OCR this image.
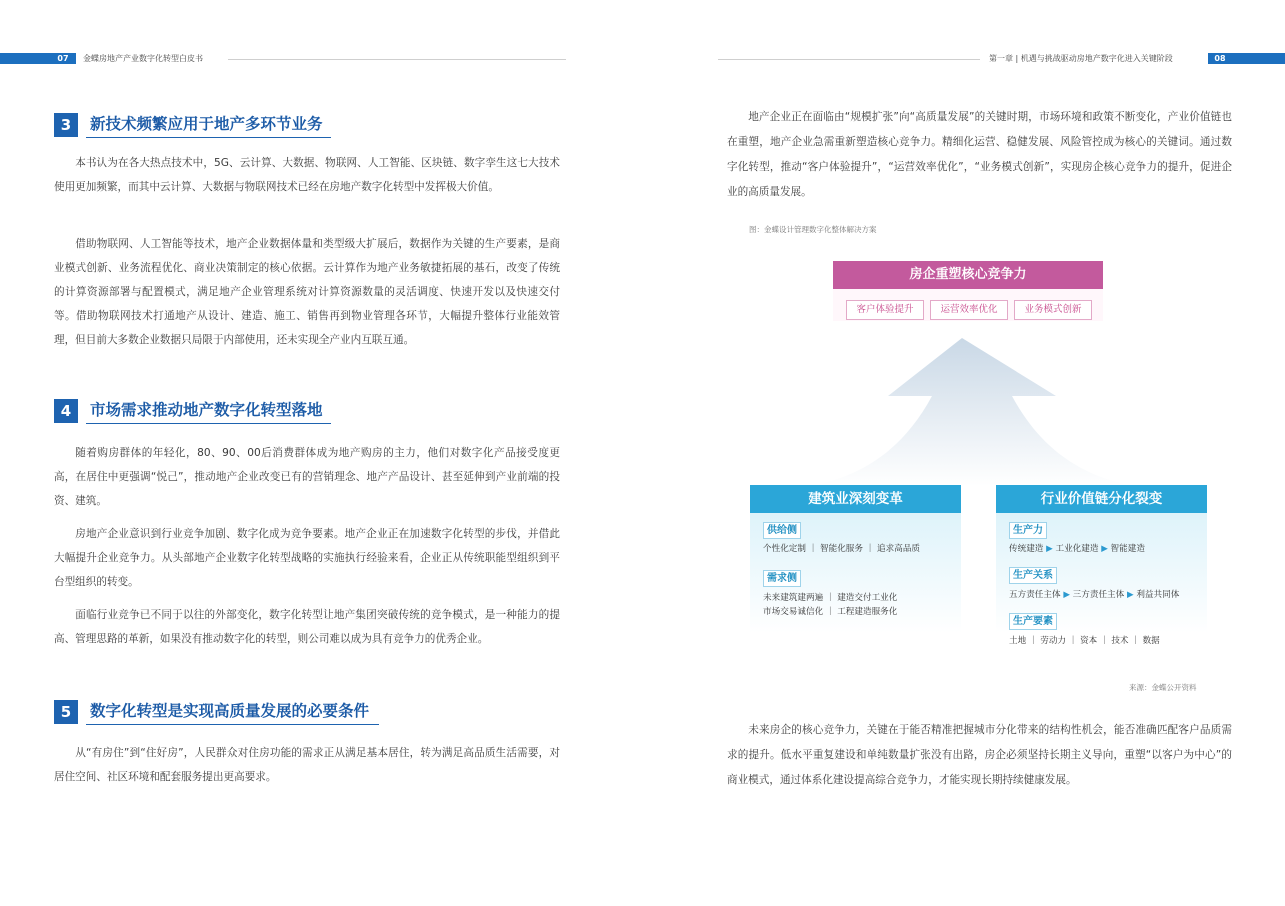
07	金蝶房地产产业数字化转型白皮书	第一章 | 机遇与挑战驱动房地产数字化进入关键阶段	08
3	新技术频繁应用于地产多环节业务

本书认为在各大热点技术中，5G、云计算、大数据、物联网、人工智能、区块链、数字孪生这七大技术使用更加频繁，而其中云计算、大数据与物联网技术已经在房地产数字化转型中发挥极大价值。

借助物联网、人工智能等技术，地产企业数据体量和类型级大扩展后，数据作为关键的生产要素，是商业模式创新、业务流程优化、商业决策制定的核心依据。云计算作为地产业务敏捷拓展的基石，改变了传统的计算资源部署与配置模式，满足地产企业管理系统对计算资源数量的灵活调度、快速开发以及快速交付等。借助物联网技术打通地产从设计、建造、施工、销售再到物业管理各环节，大幅提升整体行业能效管理，但目前大多数企业数据只局限于内部使用，还未实现全产业内互联互通。

4	市场需求推动地产数字化转型落地

随着购房群体的年轻化，80、90、00后消费群体成为地产购房的主力，他们对数字化产品接受度更高，在居住中更强调“悦己”，推动地产企业改变已有的营销理念、地产产品设计、甚至延伸到产业前端的投资、建筑。

房地产企业意识到行业竞争加剧、数字化成为竞争要素。地产企业正在加速数字化转型的步伐，并借此大幅提升企业竞争力。从头部地产企业数字化转型战略的实施执行经验来看，企业正从传统职能型组织到平台型组织的转变。

面临行业竞争已不同于以往的外部变化，数字化转型让地产集团突破传统的竞争模式，是一种能力的提高、管理思路的革新，如果没有推动数字化的转型，则公司难以成为具有竞争力的优秀企业。

5	数字化转型是实现高质量发展的必要条件

从“有房住”到“住好房”，人民群众对住房功能的需求正从满足基本居住，转为满足高品质生活需要，对居住空间、社区环境和配套服务提出更高要求。

地产企业正在面临由“规模扩张”向“高质量发展”的关键时期，市场环境和政策不断变化，产业价值链也在重塑，地产企业急需重新塑造核心竞争力。精细化运营、稳健发展、风险管控成为核心的关键词。通过数字化转型，推动“客户体验提升”，“运营效率优化”，“业务模式创新”，实现房企核心竞争力的提升，促进企业的高质量发展。

图：金蝶设计管理数字化整体解决方案
房企重塑核心竞争力
客户体验提升	运营效率优化	业务模式创新
建筑业深刻变革
供给侧
个性化定制 ｜ 智能化服务 ｜ 追求高品质
需求侧
未来建筑建两遍 ｜ 建造交付工业化
市场交易诚信化 ｜ 工程建造服务化
行业价值链分化裂变
生产力
传统建造 ▶ 工业化建造 ▶ 智能建造
生产关系
五方责任主体 ▶ 三方责任主体 ▶ 利益共同体
生产要素
土地 ｜ 劳动力 ｜ 资本 ｜ 技术 ｜ 数据
来源：金蝶公开资料

未来房企的核心竞争力，关键在于能否精准把握城市分化带来的结构性机会，能否准确匹配客户品质需求的提升。低水平重复建设和单纯数量扩张没有出路，房企必须坚持长期主义导向，重塑“以客户为中心”的商业模式，通过体系化建设提高综合竞争力，才能实现长期持续健康发展。
